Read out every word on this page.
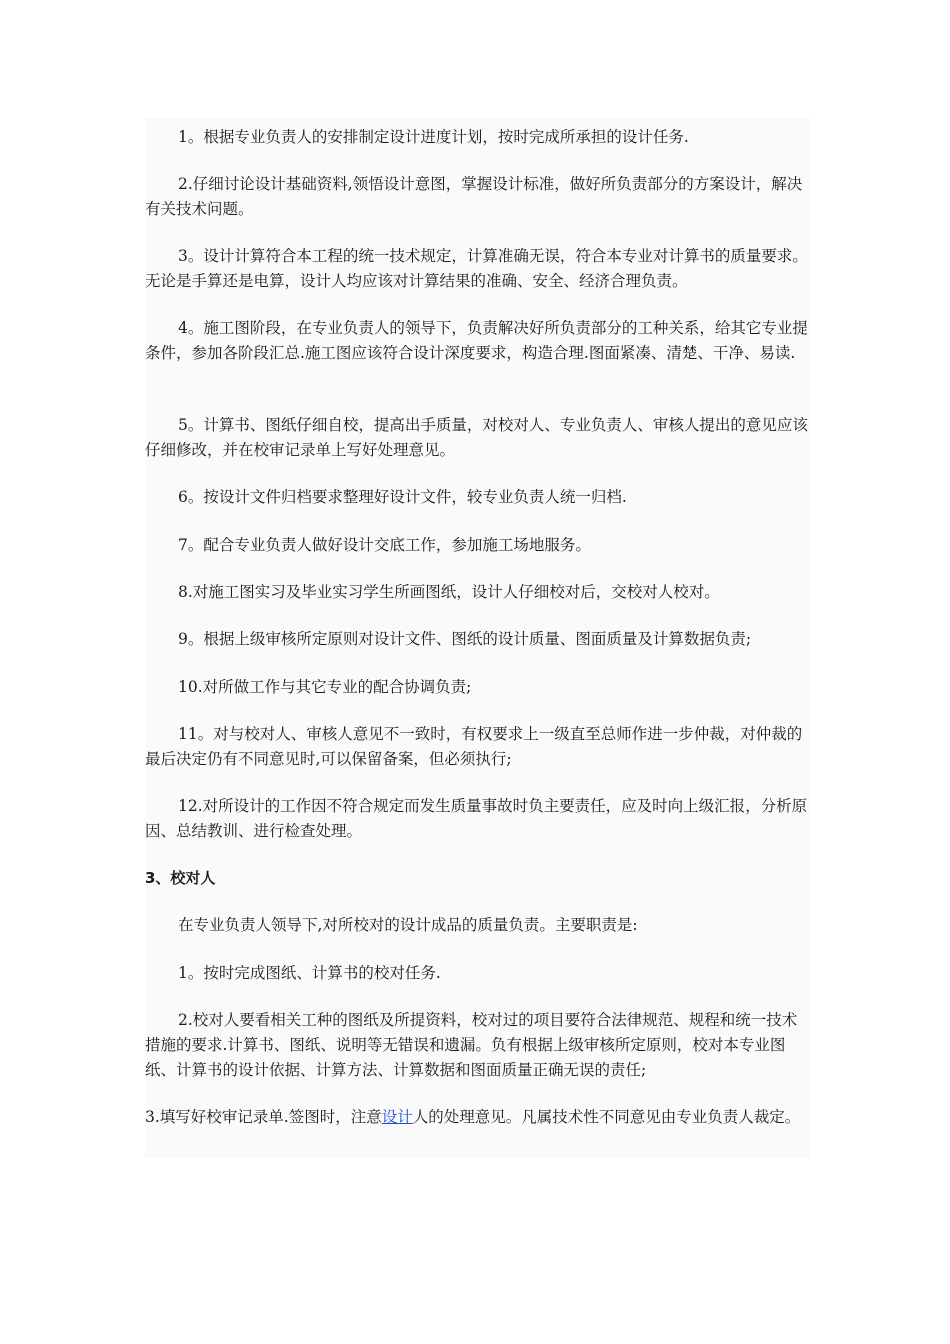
1。根据专业负责人的安排制定设计进度计划，按时完成所承担的设计任务.

2.仔细讨论设计基础资料,领悟设计意图，掌握设计标准，做好所负责部分的方案设计，解决有关技术问题。

3。设计计算符合本工程的统一技术规定，计算准确无误，符合本专业对计算书的质量要求。无论是手算还是电算，设计人均应该对计算结果的准确、安全、经济合理负责。

4。施工图阶段，在专业负责人的领导下，负责解决好所负责部分的工种关系，给其它专业提条件，参加各阶段汇总.施工图应该符合设计深度要求，构造合理.图面紧凑、清楚、干净、易读.

5。计算书、图纸仔细自校，提高出手质量，对校对人、专业负责人、审核人提出的意见应该仔细修改，并在校审记录单上写好处理意见。

6。按设计文件归档要求整理好设计文件，较专业负责人统一归档.

7。配合专业负责人做好设计交底工作，参加施工场地服务。

8.对施工图实习及毕业实习学生所画图纸，设计人仔细校对后，交校对人校对。

9。根据上级审核所定原则对设计文件、图纸的设计质量、图面质量及计算数据负责;

10.对所做工作与其它专业的配合协调负责;

11。对与校对人、审核人意见不一致时，有权要求上一级直至总师作进一步仲裁，对仲裁的最后决定仍有不同意见时,可以保留备案，但必须执行;

12.对所设计的工作因不符合规定而发生质量事故时负主要责任，应及时向上级汇报，分析原因、总结教训、进行检查处理。

3、校对人

在专业负责人领导下,对所校对的设计成品的质量负责。主要职责是:

1。按时完成图纸、计算书的校对任务.

2.校对人要看相关工种的图纸及所提资料，校对过的项目要符合法律规范、规程和统一技术措施的要求.计算书、图纸、说明等无错误和遗漏。负有根据上级审核所定原则，校对本专业图纸、计算书的设计依据、计算方法、计算数据和图面质量正确无误的责任;

3.填写好校审记录单.签图时，注意设计人的处理意见。凡属技术性不同意见由专业负责人裁定。
